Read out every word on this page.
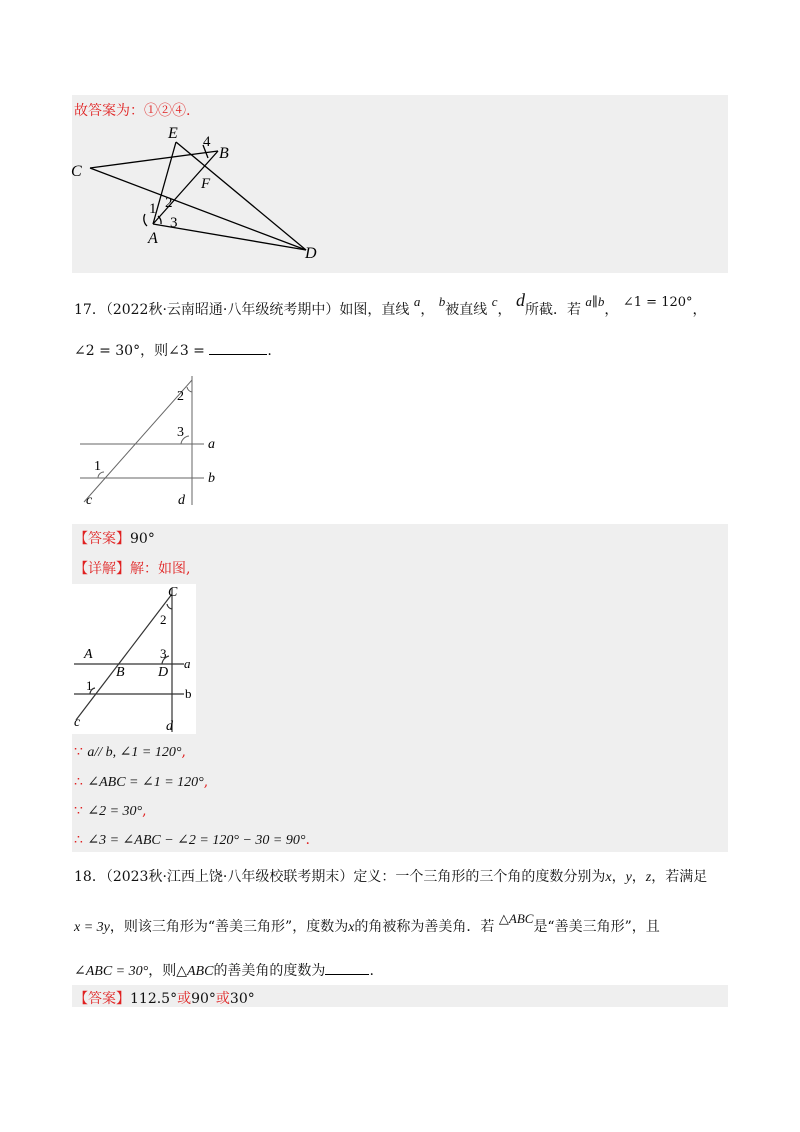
故答案为：①②④.
E 4
B
C
F
2
1
3
A
D
17．（2022秋·云南昭通·八年级统考期中）如图，直线 a， b被直线 c， d所截．若 a∥b， ∠1 = 120°，
∠2 = 30°，则∠3 =	.
2
3
a
1
b
c	d
【答案】90°
【详解】解：如图,
C
2
A	3
a
B D
1
b
c	d
∵ a// b, ∠1 = 120°,
∴ ∠ABC = ∠1 = 120°,
∵ ∠2 = 30°,
∴ ∠3 = ∠ABC − ∠2 = 120° − 30 = 90°.
18．（2023秋·江西上饶·八年级校联考期末）定义：一个三角形的三个角的度数分别为x，y，z，若满足
x = 3y，则该三角形为“善美三角形”，度数为x的角被称为善美角．若 △ABC是“善美三角形”，且
∠ABC = 30°，则△ABC的善美角的度数为	.
【答案】112.5°或90°或30°
